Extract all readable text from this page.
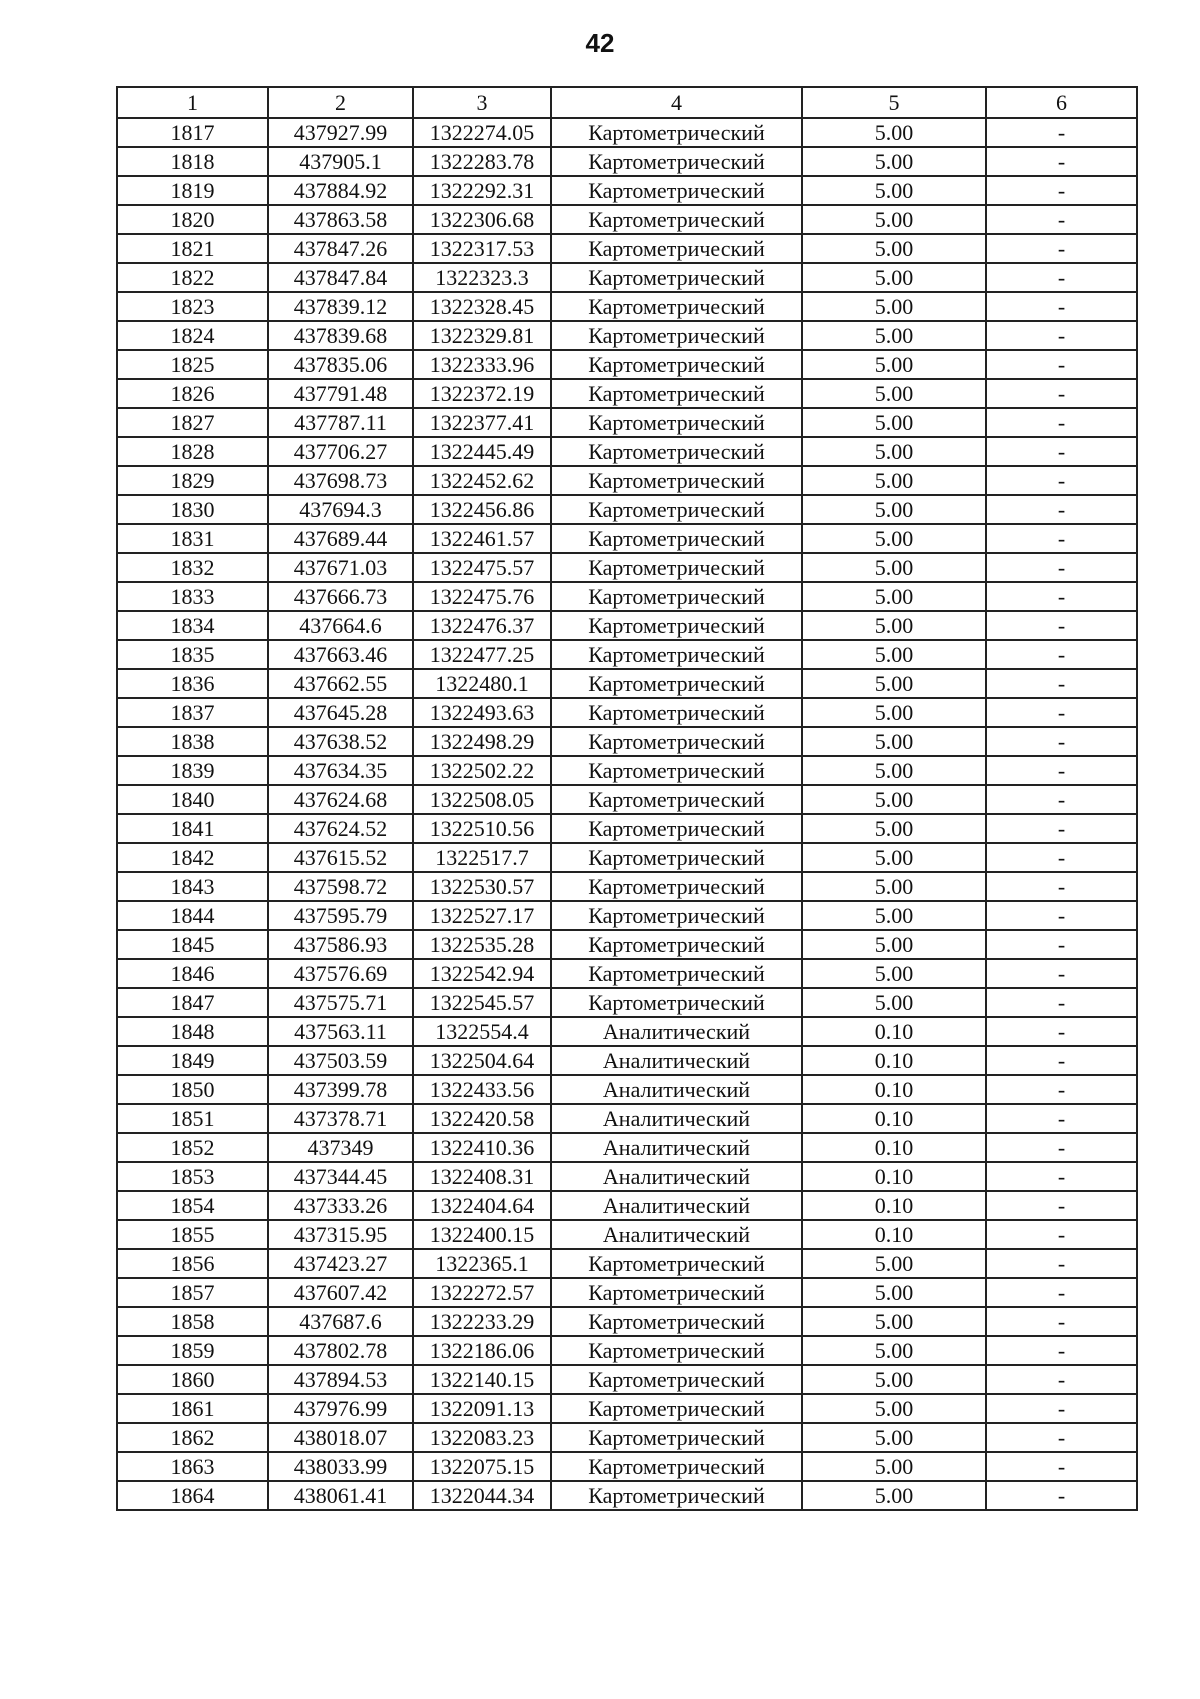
42
1	2	3	4	5	6
1817	437927.99	1322274.05	Картометрический	5.00	-
1818	437905.1	1322283.78	Картометрический	5.00	-
1819	437884.92	1322292.31	Картометрический	5.00	-
1820	437863.58	1322306.68	Картометрический	5.00	-
1821	437847.26	1322317.53	Картометрический	5.00	-
1822	437847.84	1322323.3	Картометрический	5.00	-
1823	437839.12	1322328.45	Картометрический	5.00	-
1824	437839.68	1322329.81	Картометрический	5.00	-
1825	437835.06	1322333.96	Картометрический	5.00	-
1826	437791.48	1322372.19	Картометрический	5.00	-
1827	437787.11	1322377.41	Картометрический	5.00	-
1828	437706.27	1322445.49	Картометрический	5.00	-
1829	437698.73	1322452.62	Картометрический	5.00	-
1830	437694.3	1322456.86	Картометрический	5.00	-
1831	437689.44	1322461.57	Картометрический	5.00	-
1832	437671.03	1322475.57	Картометрический	5.00	-
1833	437666.73	1322475.76	Картометрический	5.00	-
1834	437664.6	1322476.37	Картометрический	5.00	-
1835	437663.46	1322477.25	Картометрический	5.00	-
1836	437662.55	1322480.1	Картометрический	5.00	-
1837	437645.28	1322493.63	Картометрический	5.00	-
1838	437638.52	1322498.29	Картометрический	5.00	-
1839	437634.35	1322502.22	Картометрический	5.00	-
1840	437624.68	1322508.05	Картометрический	5.00	-
1841	437624.52	1322510.56	Картометрический	5.00	-
1842	437615.52	1322517.7	Картометрический	5.00	-
1843	437598.72	1322530.57	Картометрический	5.00	-
1844	437595.79	1322527.17	Картометрический	5.00	-
1845	437586.93	1322535.28	Картометрический	5.00	-
1846	437576.69	1322542.94	Картометрический	5.00	-
1847	437575.71	1322545.57	Картометрический	5.00	-
1848	437563.11	1322554.4	Аналитический	0.10	-
1849	437503.59	1322504.64	Аналитический	0.10	-
1850	437399.78	1322433.56	Аналитический	0.10	-
1851	437378.71	1322420.58	Аналитический	0.10	-
1852	437349	1322410.36	Аналитический	0.10	-
1853	437344.45	1322408.31	Аналитический	0.10	-
1854	437333.26	1322404.64	Аналитический	0.10	-
1855	437315.95	1322400.15	Аналитический	0.10	-
1856	437423.27	1322365.1	Картометрический	5.00	-
1857	437607.42	1322272.57	Картометрический	5.00	-
1858	437687.6	1322233.29	Картометрический	5.00	-
1859	437802.78	1322186.06	Картометрический	5.00	-
1860	437894.53	1322140.15	Картометрический	5.00	-
1861	437976.99	1322091.13	Картометрический	5.00	-
1862	438018.07	1322083.23	Картометрический	5.00	-
1863	438033.99	1322075.15	Картометрический	5.00	-
1864	438061.41	1322044.34	Картометрический	5.00	-
